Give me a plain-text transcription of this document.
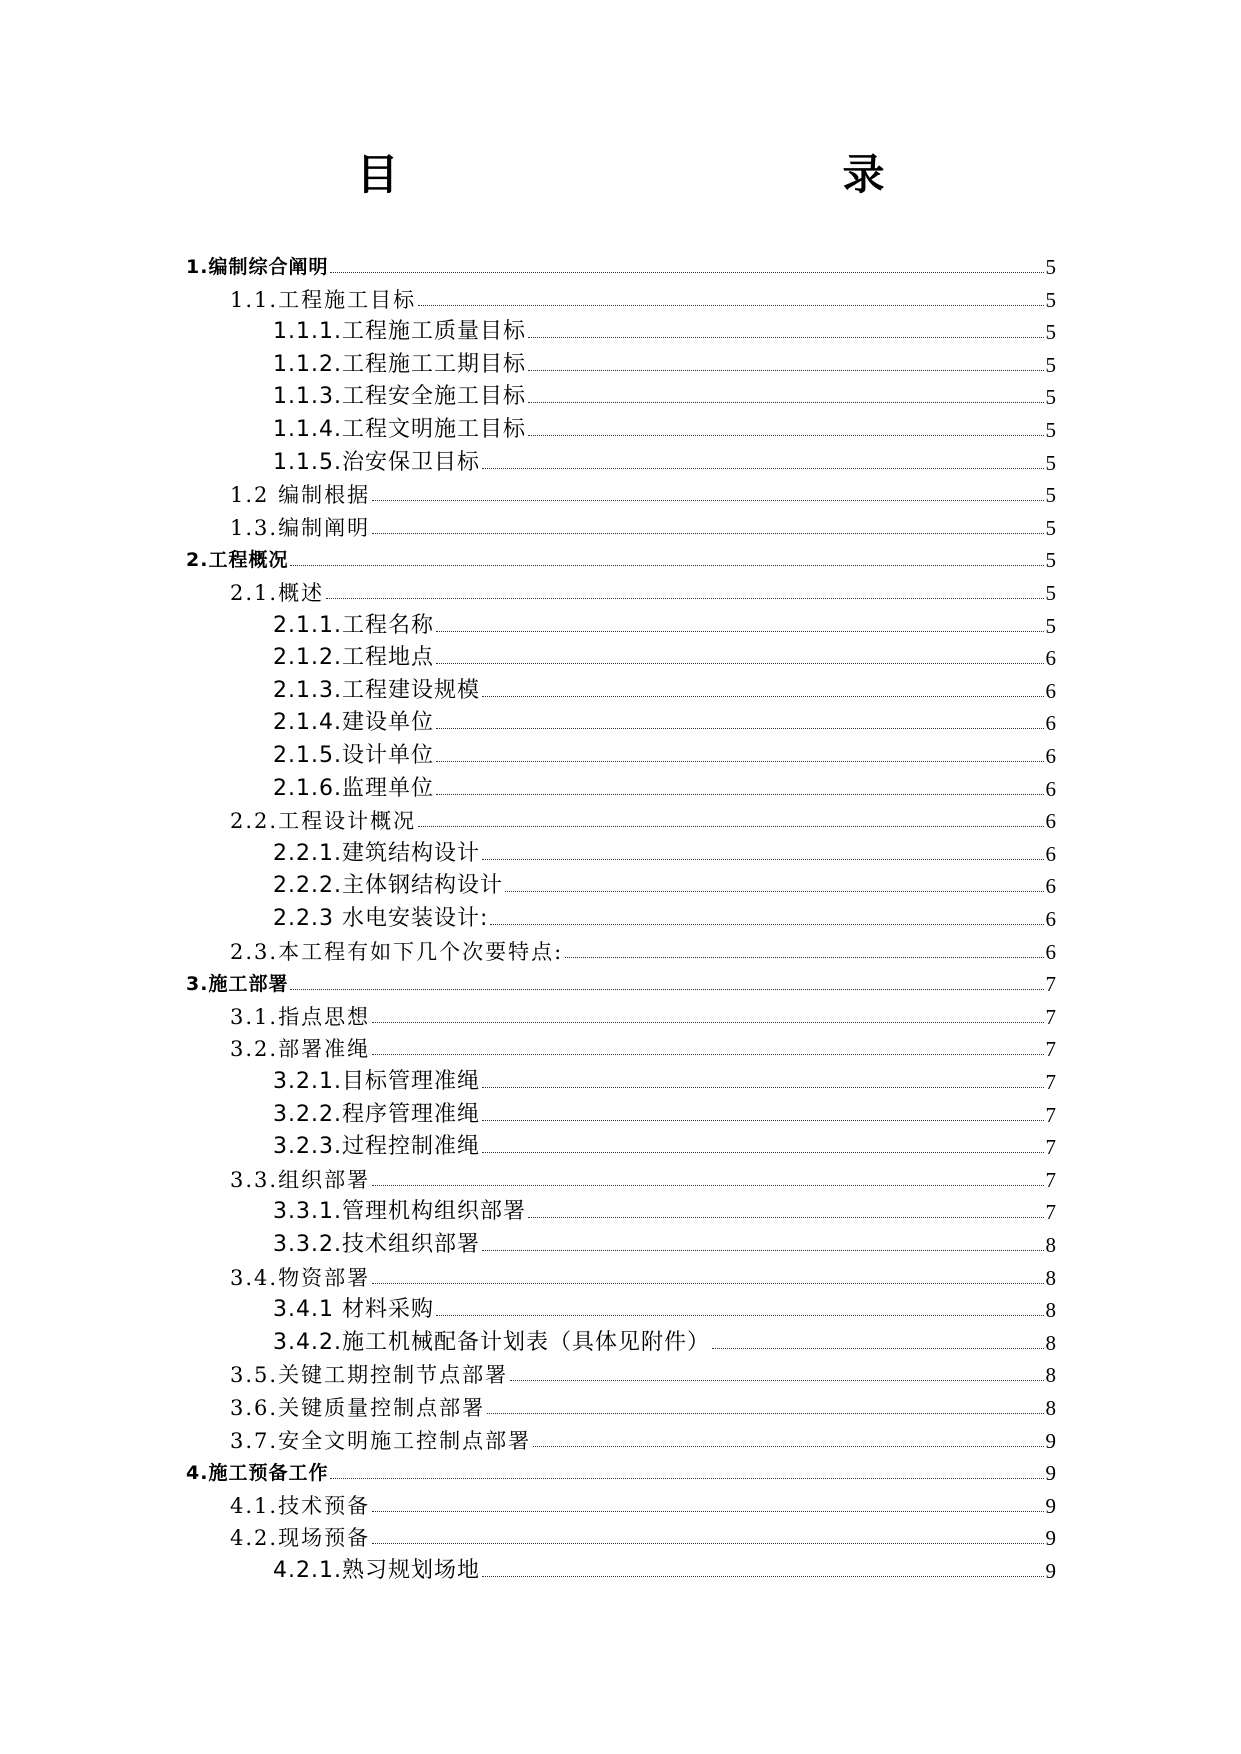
目　　录
1.编制综合阐明	5
1.1.工程施工目标	5
1.1.1.工程施工质量目标	5
1.1.2.工程施工工期目标	5
1.1.3.工程安全施工目标	5
1.1.4.工程文明施工目标	5
1.1.5.治安保卫目标	5
1.2 编制根据	5
1.3.编制阐明	5
2.工程概况	5
2.1.概述	5
2.1.1.工程名称	5
2.1.2.工程地点	6
2.1.3.工程建设规模	6
2.1.4.建设单位	6
2.1.5.设计单位	6
2.1.6.监理单位	6
2.2.工程设计概况	6
2.2.1.建筑结构设计	6
2.2.2.主体钢结构设计	6
2.2.3 水电安装设计:	6
2.3.本工程有如下几个次要特点:	6
3.施工部署	7
3.1.指点思想	7
3.2.部署准绳	7
3.2.1.目标管理准绳	7
3.2.2.程序管理准绳	7
3.2.3.过程控制准绳	7
3.3.组织部署	7
3.3.1.管理机构组织部署	7
3.3.2.技术组织部署	8
3.4.物资部署	8
3.4.1 材料采购	8
3.4.2.施工机械配备计划表（具体见附件）	8
3.5.关键工期控制节点部署	8
3.6.关键质量控制点部署	8
3.7.安全文明施工控制点部署	9
4.施工预备工作	9
4.1.技术预备	9
4.2.现场预备	9
4.2.1.熟习规划场地	9
